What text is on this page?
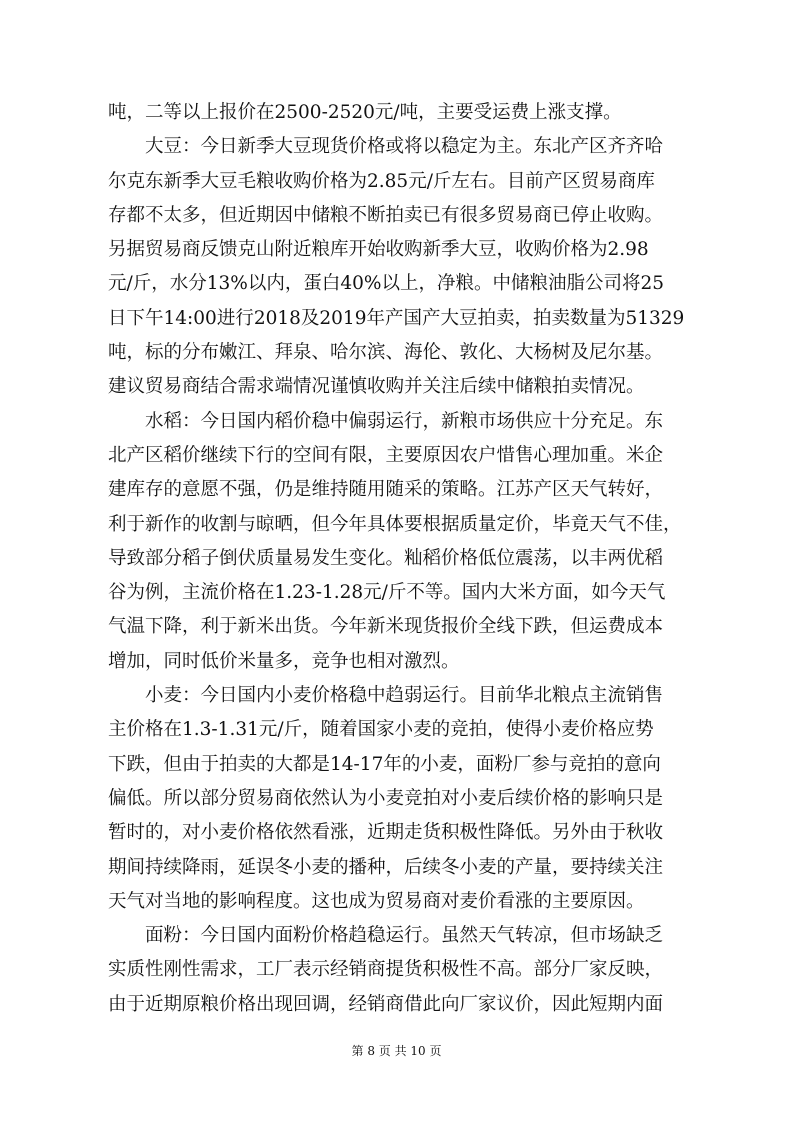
吨，二等以上报价在2500-2520元/吨，主要受运费上涨支撑。
大豆：今日新季大豆现货价格或将以稳定为主。东北产区齐齐哈
尔克东新季大豆毛粮收购价格为2.85元/斤左右。目前产区贸易商库
存都不太多，但近期因中储粮不断拍卖已有很多贸易商已停止收购。
另据贸易商反馈克山附近粮库开始收购新季大豆，收购价格为2.98
元/斤，水分13%以内，蛋白40%以上，净粮。中储粮油脂公司将25
日下午14:00进行2018及2019年产国产大豆拍卖，拍卖数量为51329
吨，标的分布嫩江、拜泉、哈尔滨、海伦、敦化、大杨树及尼尔基。
建议贸易商结合需求端情况谨慎收购并关注后续中储粮拍卖情况。
水稻：今日国内稻价稳中偏弱运行，新粮市场供应十分充足。东
北产区稻价继续下行的空间有限，主要原因农户惜售心理加重。米企
建库存的意愿不强，仍是维持随用随采的策略。江苏产区天气转好，
利于新作的收割与晾晒，但今年具体要根据质量定价，毕竟天气不佳，
导致部分稻子倒伏质量易发生变化。籼稻价格低位震荡，以丰两优稻
谷为例，主流价格在1.23-1.28元/斤不等。国内大米方面，如今天气
气温下降，利于新米出货。今年新米现货报价全线下跌，但运费成本
增加，同时低价米量多，竞争也相对激烈。
小麦：今日国内小麦价格稳中趋弱运行。目前华北粮点主流销售
主价格在1.3-1.31元/斤，随着国家小麦的竞拍，使得小麦价格应势
下跌，但由于拍卖的大都是14-17年的小麦，面粉厂参与竞拍的意向
偏低。所以部分贸易商依然认为小麦竞拍对小麦后续价格的影响只是
暂时的，对小麦价格依然看涨，近期走货积极性降低。另外由于秋收
期间持续降雨，延误冬小麦的播种，后续冬小麦的产量，要持续关注
天气对当地的影响程度。这也成为贸易商对麦价看涨的主要原因。
面粉：今日国内面粉价格趋稳运行。虽然天气转凉，但市场缺乏
实质性刚性需求，工厂表示经销商提货积极性不高。部分厂家反映，
由于近期原粮价格出现回调，经销商借此向厂家议价，因此短期内面
第 8 页 共 10 页
